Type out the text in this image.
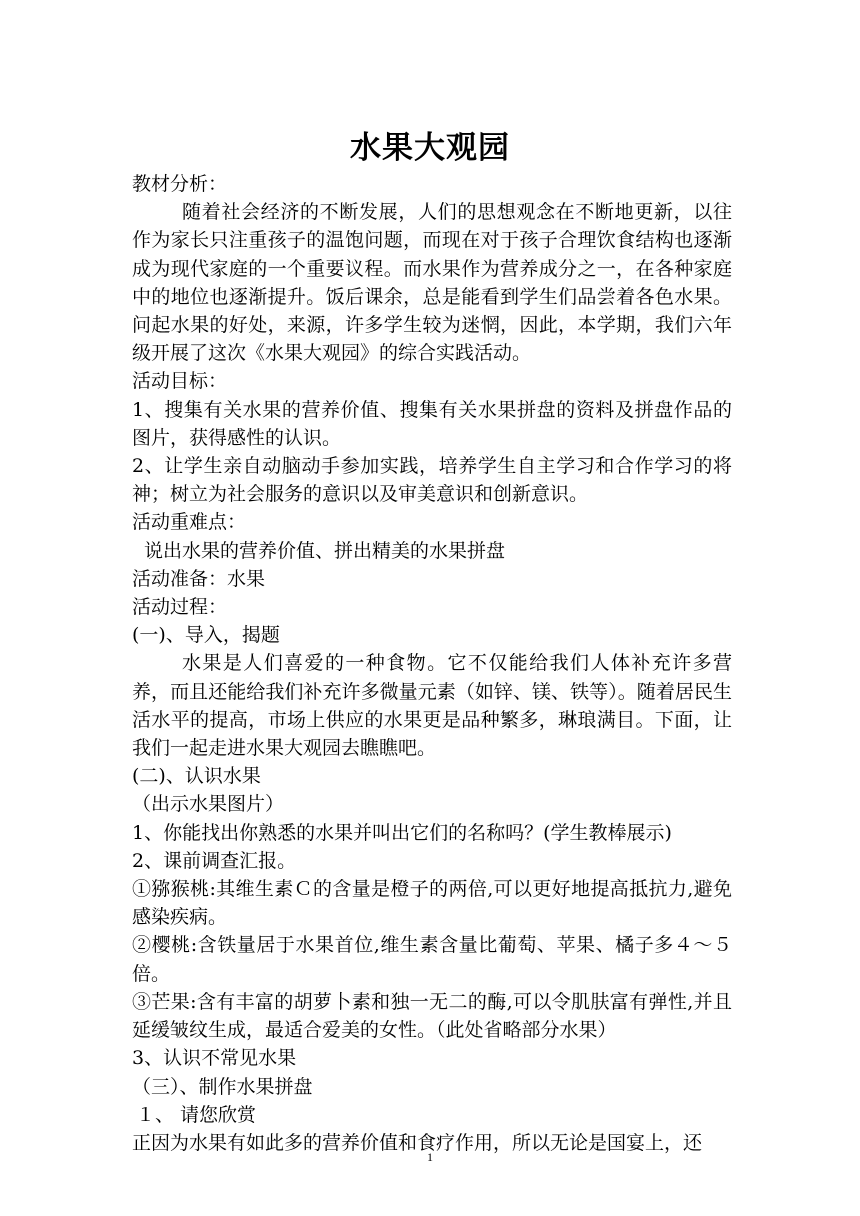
水果大观园

教材分析：

随着社会经济的不断发展，人们的思想观念在不断地更新，以往作为家长只注重孩子的温饱问题，而现在对于孩子合理饮食结构也逐渐成为现代家庭的一个重要议程。而水果作为营养成分之一，在各种家庭中的地位也逐渐提升。饭后课余，总是能看到学生们品尝着各色水果。问起水果的好处，来源，许多学生较为迷惘，因此，本学期，我们六年级开展了这次《水果大观园》的综合实践活动。

活动目标：

1、搜集有关水果的营养价值、搜集有关水果拼盘的资料及拼盘作品的图片，获得感性的认识。

2、让学生亲自动脑动手参加实践，培养学生自主学习和合作学习的将神；树立为社会服务的意识以及审美意识和创新意识。

活动重难点：

说出水果的营养价值、拼出精美的水果拼盘

活动准备：水果

活动过程：

(一)、导入，揭题

水果是人们喜爱的一种食物。它不仅能给我们人体补充许多营养，而且还能给我们补充许多微量元素（如锌、镁、铁等）。随着居民生活水平的提高，市场上供应的水果更是品种繁多，琳琅满目。下面，让我们一起走进水果大观园去瞧瞧吧。

(二)、认识水果

（出示水果图片）

1、你能找出你熟悉的水果并叫出它们的名称吗？(学生教棒展示)

2、课前调查汇报。

①猕猴桃:其维生素Ｃ的含量是橙子的两倍,可以更好地提高抵抗力,避免感染疾病。

②樱桃:含铁量居于水果首位,维生素含量比葡萄、苹果、橘子多４～５倍。

③芒果:含有丰富的胡萝卜素和独一无二的酶,可以令肌肤富有弹性,并且延缓皱纹生成，最适合爱美的女性。（此处省略部分水果）

3、认识不常见水果

（三）、制作水果拼盘

１、 请您欣赏

正因为水果有如此多的营养价值和食疗作用，所以无论是国宴上，还

1
